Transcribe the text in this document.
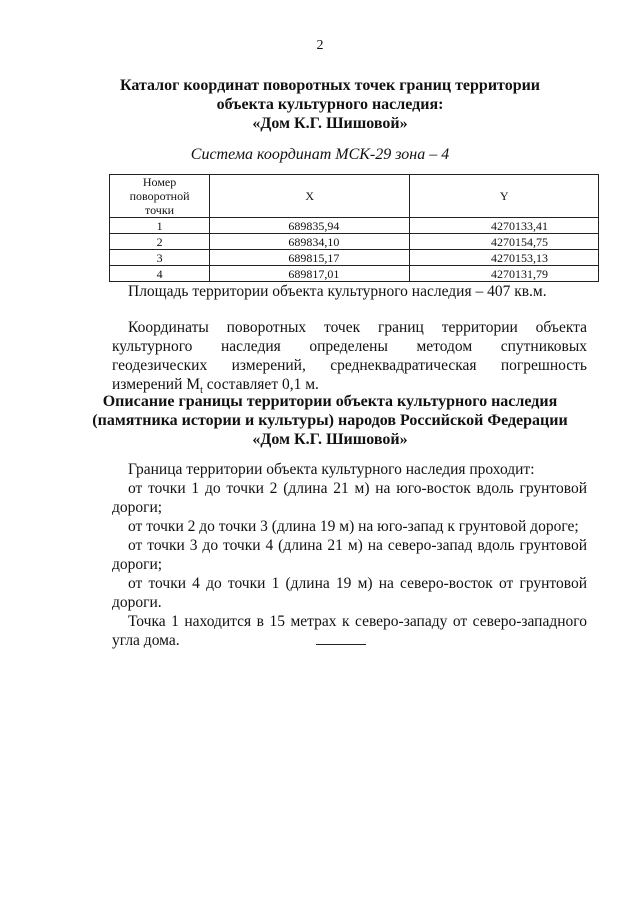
2
Каталог координат поворотных точек границ территории
объекта культурного наследия:
«Дом К.Г. Шишовой»
Система координат МСК-29 зона – 4
Номер
поворотной точки	X	Y
1	689835,94	4270133,41
2	689834,10	4270154,75
3	689815,17	4270153,13
4	689817,01	4270131,79
Площадь территории объекта культурного наследия – 407 кв.м.
Координаты поворотных точек границ территории объекта культурного наследия определены методом спутниковых геодезических измерений, среднеквадратическая погрешность измерений $M_t$ составляет 0,1 м.
Описание границы территории объекта культурного наследия
(памятника истории и культуры) народов Российской Федерации
«Дом К.Г. Шишовой»

Граница территории объекта культурного наследия проходит:

от точки 1 до точки 2 (длина 21 м) на юго-восток вдоль грунтовой дороги;

от точки 2 до точки 3 (длина 19 м) на юго-запад к грунтовой дороге;

от точки 3 до точки 4 (длина 21 м) на северо-запад вдоль грунтовой дороги;

от точки 4 до точки 1 (длина 19 м) на северо-восток от грунтовой дороги.

Точка 1 находится в 15 метрах к северо-западу от северо-западного угла дома.
